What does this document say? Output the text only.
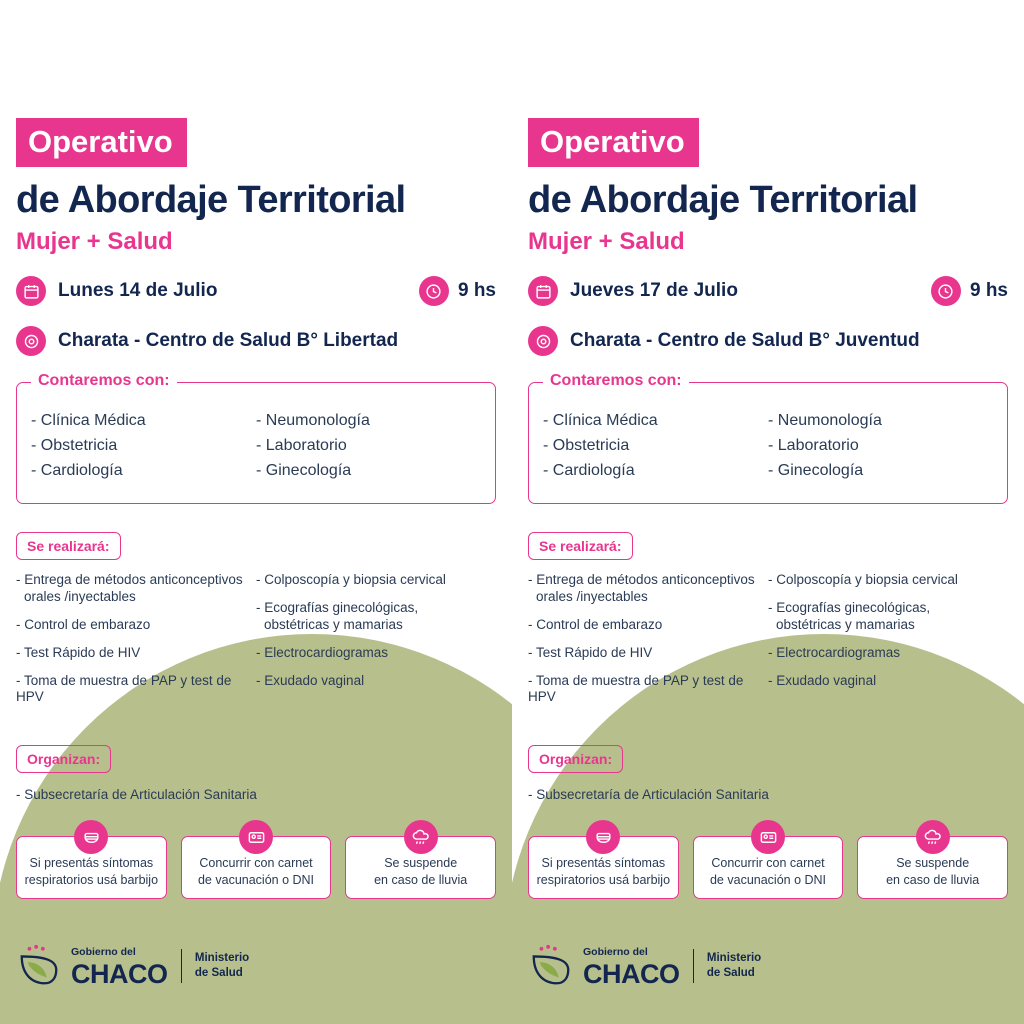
Operativo
de Abordaje Territorial
Mujer + Salud
Lunes 14 de Julio	9 hs
Charata - Centro de Salud B° Libertad
Contaremos con:
- Clínica Médica
- Obstetricia
- Cardiología
- Neumonología
- Laboratorio
- Ginecología
Se realizará:
- Entrega de métodos anticonceptivos
orales /inyectables
- Control de embarazo
- Test Rápido de HIV
- Toma de muestra de PAP y test de HPV
- Colposcopía y biopsia cervical
- Ecografías ginecológicas,
obstétricas y mamarias
- Electrocardiogramas
- Exudado vaginal
Organizan:
- Subsecretaría de Articulación Sanitaria
Si presentás síntomas
respiratorios usá barbijo
Concurrir con carnet
de vacunación o DNI
Se suspende
en caso de lluvia
Gobierno del
CHACO
Ministerio
de Salud
Operativo
de Abordaje Territorial
Mujer + Salud
Jueves 17 de Julio	9 hs
Charata - Centro de Salud B° Juventud
Contaremos con:
- Clínica Médica
- Obstetricia
- Cardiología
- Neumonología
- Laboratorio
- Ginecología
Se realizará:
- Entrega de métodos anticonceptivos
orales /inyectables
- Control de embarazo
- Test Rápido de HIV
- Toma de muestra de PAP y test de HPV
- Colposcopía y biopsia cervical
- Ecografías ginecológicas,
obstétricas y mamarias
- Electrocardiogramas
- Exudado vaginal
Organizan:
- Subsecretaría de Articulación Sanitaria
Si presentás síntomas
respiratorios usá barbijo
Concurrir con carnet
de vacunación o DNI
Se suspende
en caso de lluvia
Gobierno del
CHACO
Ministerio
de Salud
